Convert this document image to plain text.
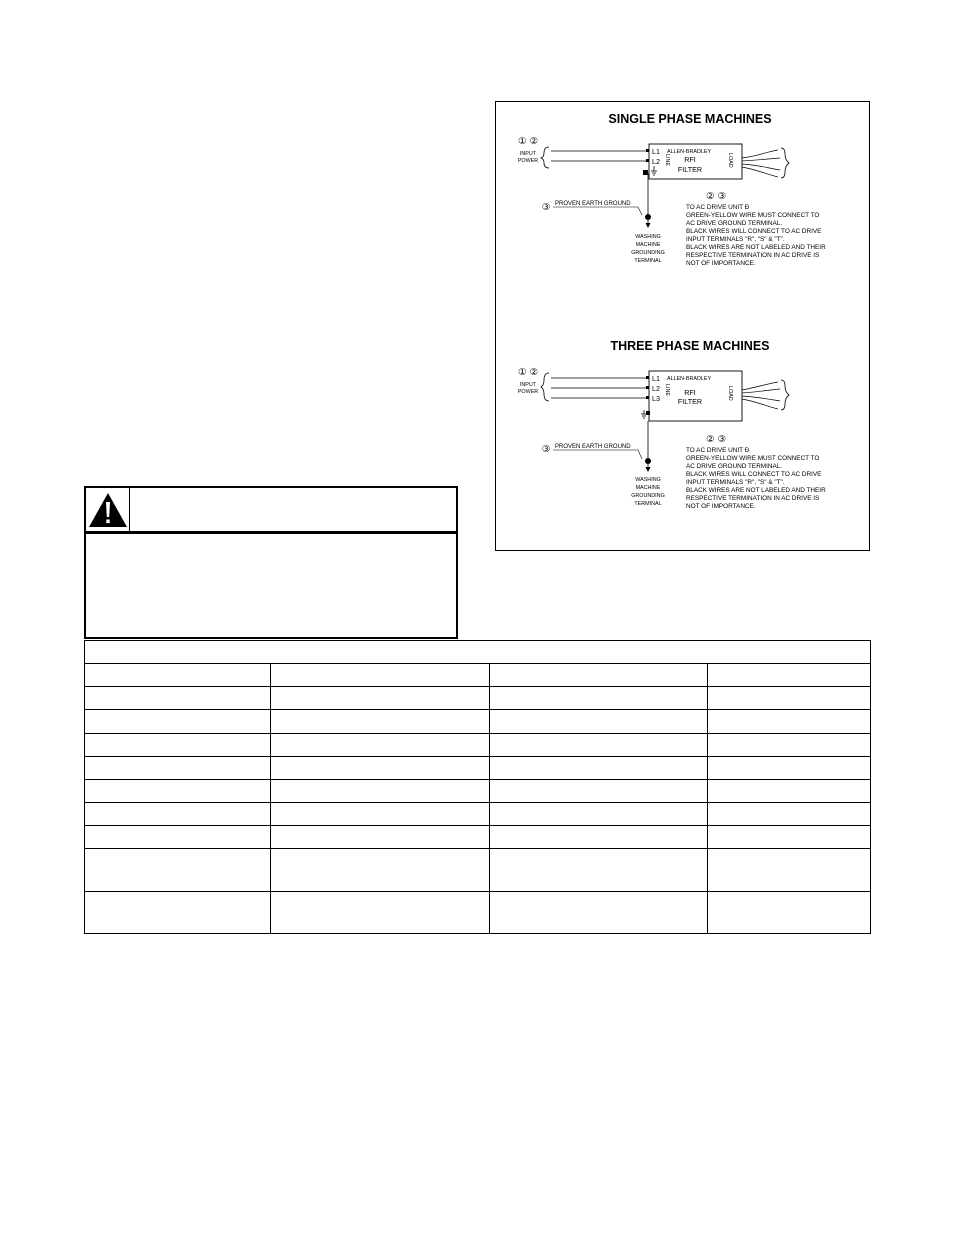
SINGLE PHASE MACHINES
① ②
INPUT
POWER
L1
L2
ALLEN-BRADLEY
RFI
FILTER
LINE	LOAD
③ PROVEN EARTH GROUND
WASHING
MACHINE
GROUNDING
TERMINAL
② ③
TO AC DRIVE UNIT Ð
GREEN-YELLOW WIRE MUST CONNECT TO
AC DRIVE GROUND TERMINAL.
BLACK WIRES WILL CONNECT TO AC DRIVE
INPUT TERMINALS "R", "S" & "T".
BLACK WIRES ARE NOT LABELED AND THEIR
RESPECTIVE TERMINATION IN AC DRIVE IS
NOT OF IMPORTANCE.
THREE PHASE MACHINES
① ②
INPUT
POWER
L1
L2
L3
ALLEN-BRADLEY
RFI
FILTER
LINE	LOAD
③ PROVEN EARTH GROUND
WASHING
MACHINE
GROUNDING
TERMINAL
② ③
TO AC DRIVE UNIT Ð
GREEN-YELLOW WIRE MUST CONNECT TO
AC DRIVE GROUND TERMINAL.
BLACK WIRES WILL CONNECT TO AC DRIVE
INPUT TERMINALS "R", "S" & "T".
BLACK WIRES ARE NOT LABELED AND THEIR
RESPECTIVE TERMINATION IN AC DRIVE IS
NOT OF IMPORTANCE.
